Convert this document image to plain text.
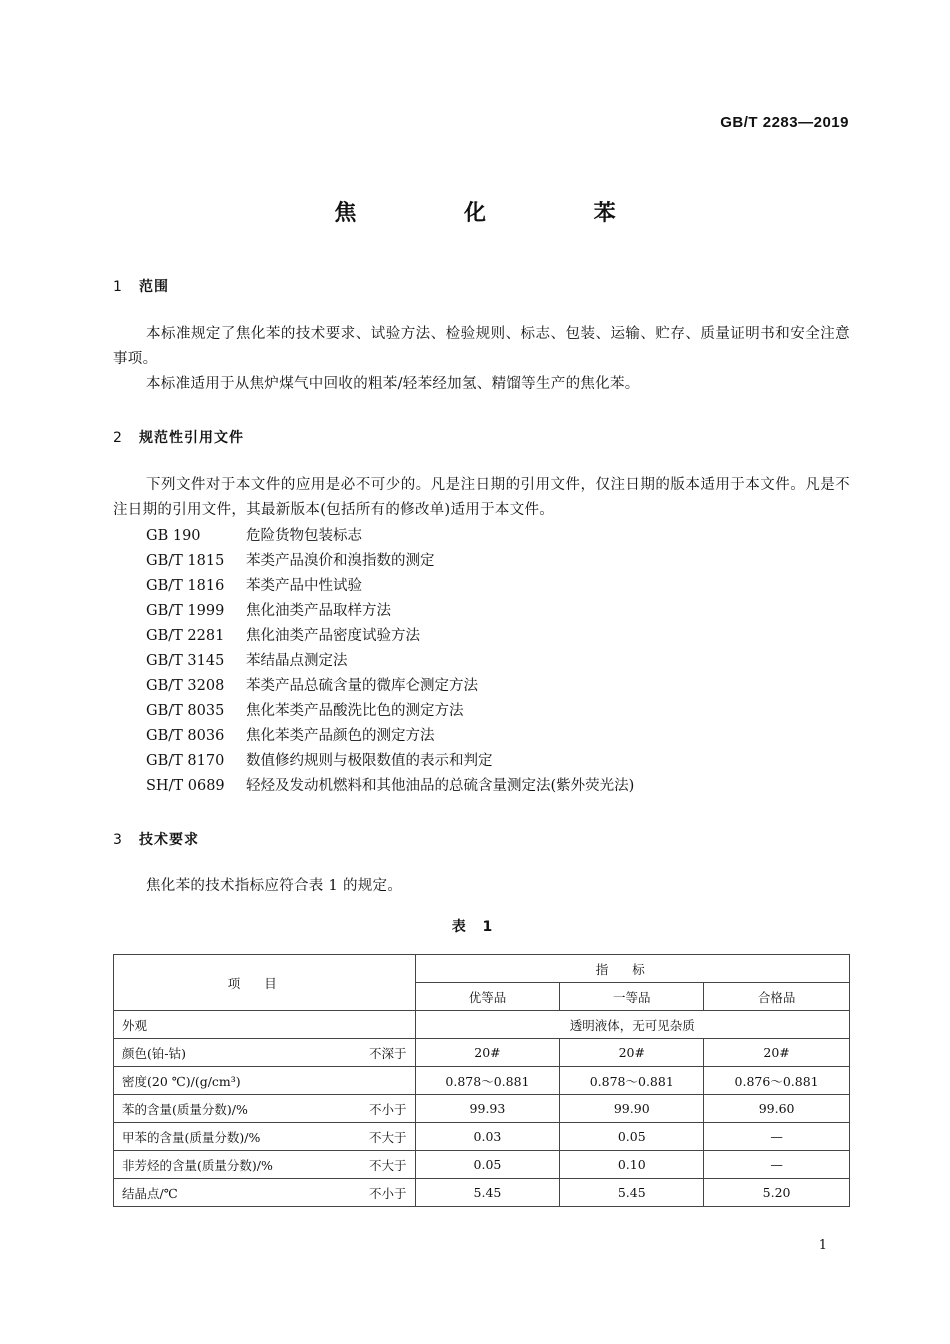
GB/T 2283—2019
焦 化 苯
1 范围
本标准规定了焦化苯的技术要求、试验方法、检验规则、标志、包装、运输、贮存、质量证明书和安全注意事项。
本标准适用于从焦炉煤气中回收的粗苯/轻苯经加氢、精馏等生产的焦化苯。
2 规范性引用文件
下列文件对于本文件的应用是必不可少的。凡是注日期的引用文件，仅注日期的版本适用于本文件。凡是不注日期的引用文件，其最新版本(包括所有的修改单)适用于本文件。
GB 190	危险货物包装标志
GB/T 1815 苯类产品溴价和溴指数的测定
GB/T 1816 苯类产品中性试验
GB/T 1999 焦化油类产品取样方法
GB/T 2281 焦化油类产品密度试验方法
GB/T 3145 苯结晶点测定法
GB/T 3208 苯类产品总硫含量的微库仑测定方法
GB/T 8035 焦化苯类产品酸洗比色的测定方法
GB/T 8036 焦化苯类产品颜色的测定方法
GB/T 8170 数值修约规则与极限数值的表示和判定
SH/T 0689 轻烃及发动机燃料和其他油品的总硫含量测定法(紫外荧光法)
3 技术要求
焦化苯的技术指标应符合表 1 的规定。
表 1
项目	指标		
	优等品	一等品	合格品
外观	透明液体，无可见杂质		

颜色(铂-钴) 不深于	20#	20#	20#

密度(20 ℃)/(g/cm³)	0.878～0.881	0.878～0.881	0.876～0.881

苯的含量(质量分数)/% 不小于	99.93	99.90	99.60

甲苯的含量(质量分数)/% 不大于	0.03	0.05	—

非芳烃的含量(质量分数)/% 不大于	0.05	0.10	—

结晶点/℃ 不小于	5.45	5.45	5.20
1
